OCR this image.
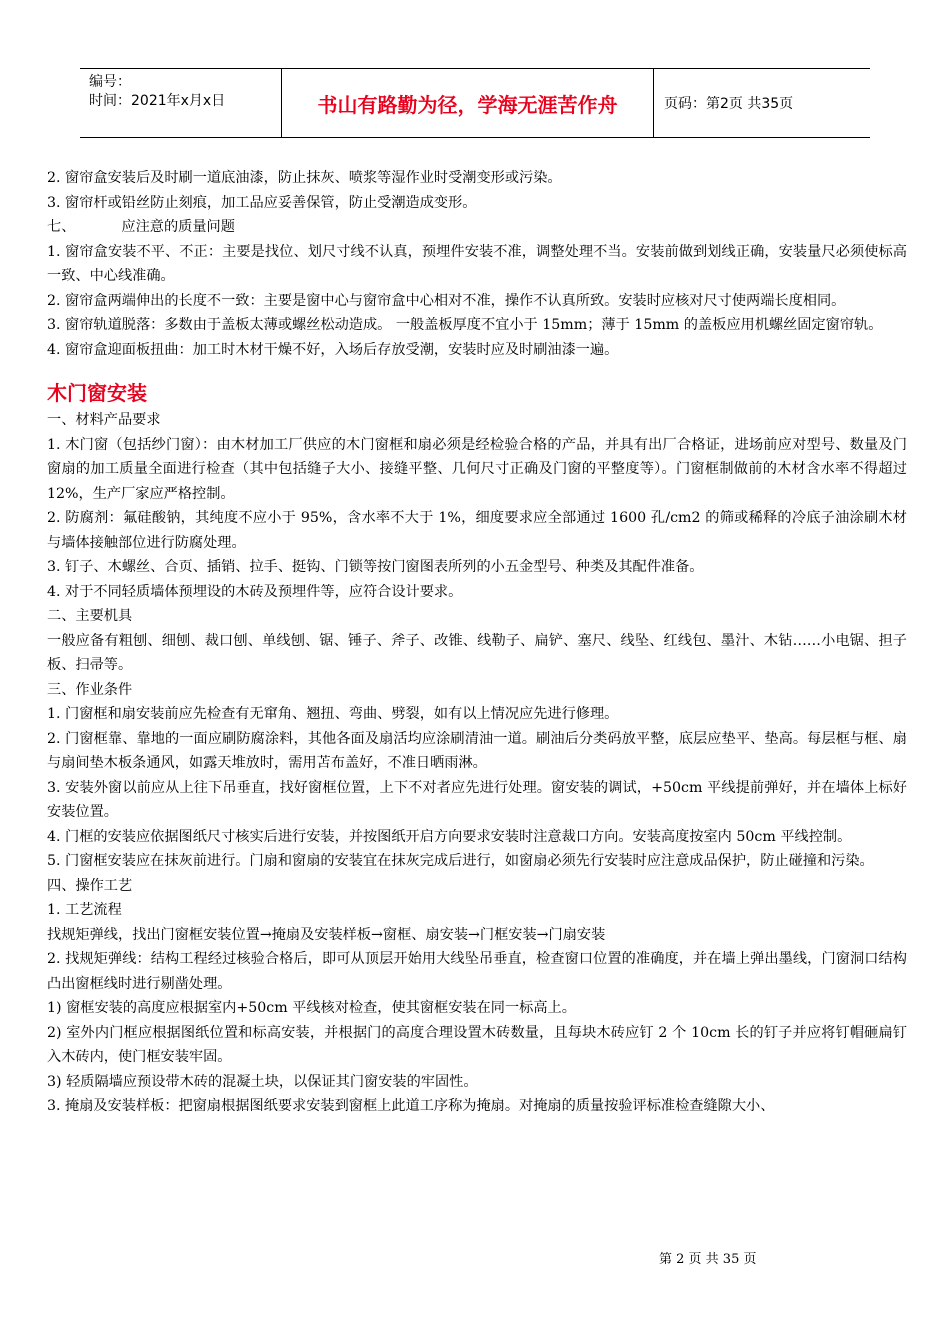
编号：
时间：2021年x月x日	书山有路勤为径，学海无涯苦作舟	页码：第2页 共35页

2. 窗帘盒安装后及时刷一道底油漆，防止抹灰、喷浆等湿作业时受潮变形或污染。

3. 窗帘杆或铅丝防止刻痕，加工品应妥善保管，防止受潮造成变形。

七、	应注意的质量问题

1. 窗帘盒安装不平、不正：主要是找位、划尺寸线不认真，预埋件安装不准，调整处理不当。安装前做到划线正确，安装量尺必须使标高一致、中心线准确。

2. 窗帘盒两端伸出的长度不一致：主要是窗中心与窗帘盒中心相对不准，操作不认真所致。安装时应核对尺寸使两端长度相同。

3. 窗帘轨道脱落：多数由于盖板太薄或螺丝松动造成。 一般盖板厚度不宜小于 15mm；薄于 15mm 的盖板应用机螺丝固定窗帘轨。

4. 窗帘盒迎面板扭曲：加工时木材干燥不好，入场后存放受潮，安装时应及时刷油漆一遍。

木门窗安装

一、材料产品要求

1. 木门窗（包括纱门窗）：由木材加工厂供应的木门窗框和扇必须是经检验合格的产品，并具有出厂合格证，进场前应对型号、数量及门窗扇的加工质量全面进行检查（其中包括缝子大小、接缝平整、几何尺寸正确及门窗的平整度等）。门窗框制做前的木材含水率不得超过 12%，生产厂家应严格控制。

2. 防腐剂：氟硅酸钠，其纯度不应小于 95%，含水率不大于 1%，细度要求应全部通过 1600 孔/cm2 的筛或稀释的冷底子油涂刷木材与墙体接触部位进行防腐处理。

3. 钉子、木螺丝、合页、插销、拉手、挺钩、门锁等按门窗图表所列的小五金型号、种类及其配件准备。

4. 对于不同轻质墙体预埋设的木砖及预埋件等，应符合设计要求。

二、主要机具

一般应备有粗刨、细刨、裁口刨、单线刨、锯、锤子、斧子、改锥、线勒子、扁铲、塞尺、线坠、红线包、墨汁、木钻……小电锯、担子板、扫帚等。

三、作业条件

1. 门窗框和扇安装前应先检查有无窜角、翘扭、弯曲、劈裂，如有以上情况应先进行修理。

2. 门窗框靠、靠地的一面应刷防腐涂料，其他各面及扇活均应涂刷清油一道。刷油后分类码放平整，底层应垫平、垫高。每层框与框、扇与扇间垫木板条通风，如露天堆放时，需用苫布盖好，不准日晒雨淋。

3. 安装外窗以前应从上往下吊垂直，找好窗框位置，上下不对者应先进行处理。窗安装的调试，+50cm 平线提前弹好，并在墙体上标好安装位置。

4. 门框的安装应依据图纸尺寸核实后进行安装，并按图纸开启方向要求安装时注意裁口方向。安装高度按室内 50cm 平线控制。

5. 门窗框安装应在抹灰前进行。门扇和窗扇的安装宜在抹灰完成后进行，如窗扇必须先行安装时应注意成品保护，防止碰撞和污染。

四、操作工艺

1. 工艺流程

找规矩弹线，找出门窗框安装位置→掩扇及安装样板→窗框、扇安装→门框安装→门扇安装

2. 找规矩弹线：结构工程经过核验合格后，即可从顶层开始用大线坠吊垂直，检查窗口位置的准确度，并在墙上弹出墨线，门窗洞口结构凸出窗框线时进行剔凿处理。

1) 窗框安装的高度应根据室内+50cm 平线核对检查，使其窗框安装在同一标高上。

2) 室外内门框应根据图纸位置和标高安装，并根据门的高度合理设置木砖数量，且每块木砖应钉 2 个 10cm 长的钉子并应将钉帽砸扁钉入木砖内，使门框安装牢固。

3) 轻质隔墙应预设带木砖的混凝土块，以保证其门窗安装的牢固性。

3. 掩扇及安装样板：把窗扇根据图纸要求安装到窗框上此道工序称为掩扇。对掩扇的质量按验评标准检查缝隙大小、

第 2 页 共 35 页
